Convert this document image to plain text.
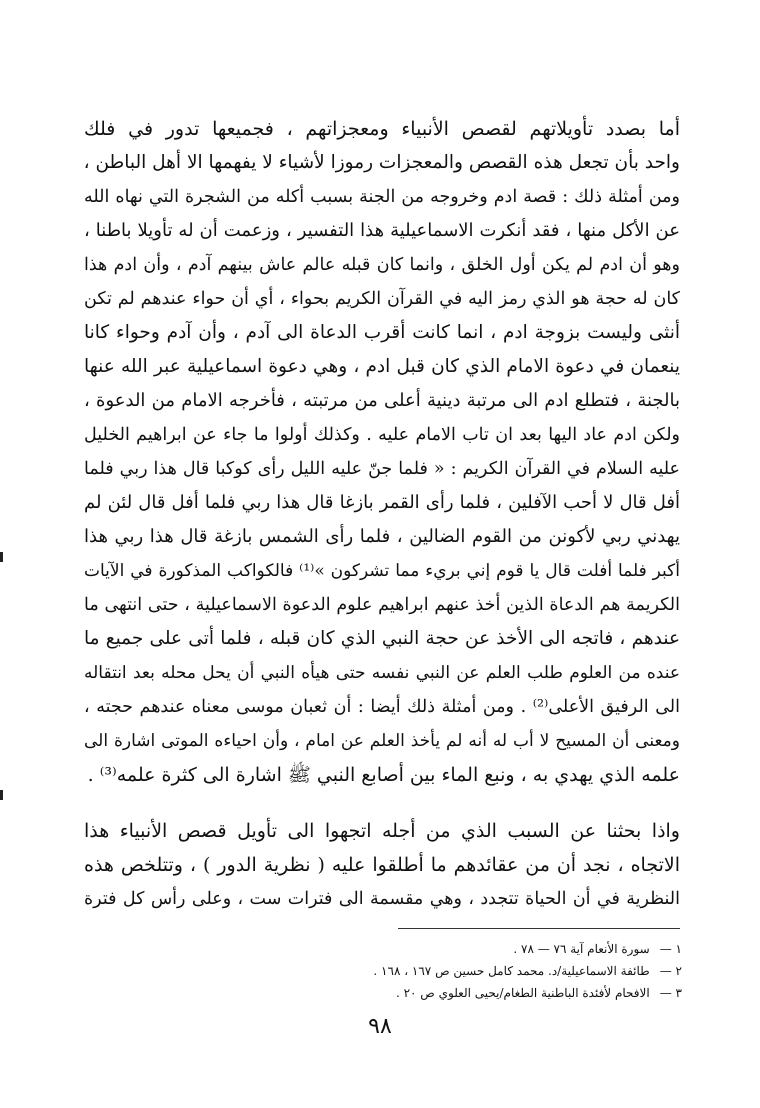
أما بصدد تأويلاتهم لقصص الأنبياء ومعجزاتهم ، فجميعها تدور في فلك
واحد بأن تجعل هذه القصص والمعجزات رموزا لأشياء لا يفهمها الا أهل الباطن ،
ومن أمثلة ذلك : قصة ادم وخروجه من الجنة بسبب أكله من الشجرة التي نهاه الله
عن الأكل منها ، فقد أنكرت الاسماعيلية هذا التفسير ، وزعمت أن له تأويلا باطنا ،
وهو أن ادم لم يكن أول الخلق ، وانما كان قبله عالم عاش بينهم آدم ، وأن ادم هذا
كان له حجة هو الذي رمز اليه في القرآن الكريم بحواء ، أي أن حواء عندهم لم تكن
أنثى وليست بزوجة ادم ، انما كانت أقرب الدعاة الى آدم ، وأن آدم وحواء كانا
ينعمان في دعوة الامام الذي كان قبل ادم ، وهي دعوة اسماعيلية عبر الله عنها
بالجنة ، فتطلع ادم الى مرتبة دينية أعلى من مرتبته ، فأخرجه الامام من الدعوة ،
ولكن ادم عاد اليها بعد ان تاب الامام عليه . وكذلك أولوا ما جاء عن ابراهيم الخليل
عليه السلام في القرآن الكريم : « فلما جنّ عليه الليل رأى كوكبا قال هذا ربي فلما
أفل قال لا أحب الآفلين ، فلما رأى القمر بازغا قال هذا ربي فلما أفل قال لئن لم
يهدني ربي لأكونن من القوم الضالين ، فلما رأى الشمس بازغة قال هذا ربي هذا
أكبر فلما أفلت قال يا قوم إني بريء مما تشركون »⁽¹⁾ فالكواكب المذكورة في الآيات
الكريمة هم الدعاة الذين أخذ عنهم ابراهيم علوم الدعوة الاسماعيلية ، حتى انتهى ما
عندهم ، فاتجه الى الأخذ عن حجة النبي الذي كان قبله ، فلما أتى على جميع ما
عنده من العلوم طلب العلم عن النبي نفسه حتى هيأه النبي أن يحل محله بعد انتقاله
الى الرفيق الأعلى⁽²⁾ . ومن أمثلة ذلك أيضا : أن ثعبان موسى معناه عندهم حجته ،
ومعنى أن المسيح لا أب له أنه لم يأخذ العلم عن امام ، وأن احياءه الموتى اشارة الى
علمه الذي يهدي به ، ونبع الماء بين أصابع النبي ﷺ اشارة الى كثرة علمه⁽³⁾ .
واذا بحثنا عن السبب الذي من أجله اتجهوا الى تأويل قصص الأنبياء هذا
الاتجاه ، نجد أن من عقائدهم ما أطلقوا عليه ( نظرية الدور ) ، وتتلخص هذه
النظرية في أن الحياة تتجدد ، وهي مقسمة الى فترات ست ، وعلى رأس كل فترة
١ —سورة الأنعام آية ٧٦ — ٧٨ .
٢ —طائفة الاسماعيلية/د. محمد كامل حسين ص ١٦٧ ، ١٦٨ .
٣ —الافحام لأفئدة الباطنية الطغام/يحيى العلوي ص ٢٠ .
٩٨
